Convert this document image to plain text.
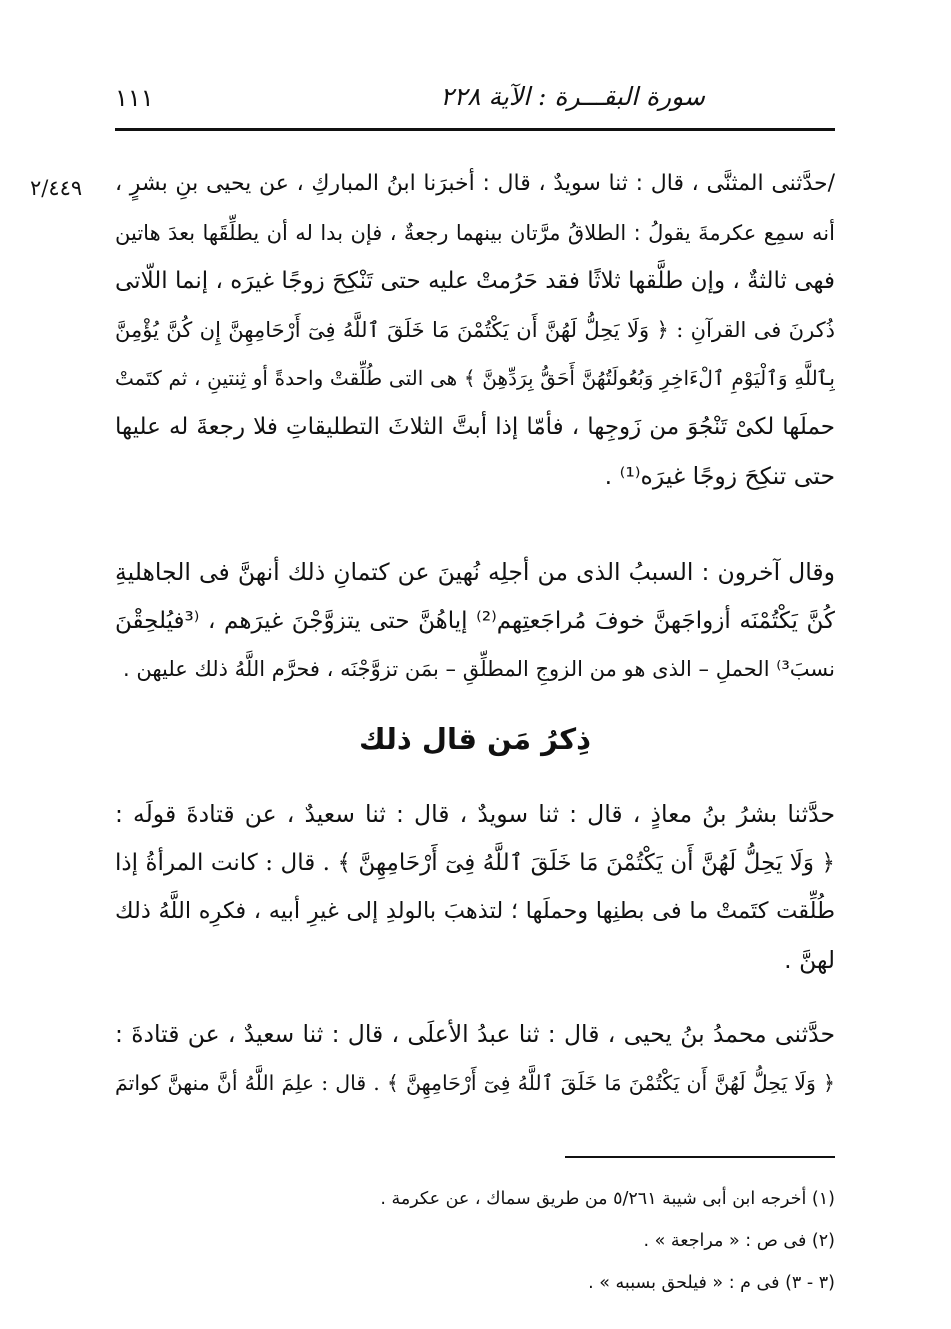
سورة البقـــرة : الآية ٢٢٨
١١١
٢/٤٤٩ /حدَّثنى المثنَّى ، قال : ثنا سويدٌ ، قال : أخبرَنا ابنُ المباركِ ، عن يحيى بنِ بشرٍ ،
أنه سمِع عكرمةَ يقولُ : الطلاقُ مرَّتان بينهما رجعةٌ ، فإن بدا له أن يطلِّقَها بعدَ هاتين
فهى ثالثةٌ ، وإن طلَّقها ثلاثًا فقد حَرُمتْ عليه حتى تَنْكِحَ زوجًا غيرَه ، إنما اللّاتى
ذُكرنَ فى القرآنِ : ﴿ وَلَا يَحِلُّ لَهُنَّ أَن يَكْتُمْنَ مَا خَلَقَ ٱللَّهُ فِىٓ أَرْحَامِهِنَّ إِن كُنَّ يُؤْمِنَّ
بِٱللَّهِ وَٱلْيَوْمِ ٱلْءَاخِرِ وَبُعُولَتُهُنَّ أَحَقُّ بِرَدِّهِنَّ ﴾ هى التى طُلِّقتْ واحدةً أو ثِنتينِ ، ثم كتَمتْ
حملَها لكىْ تَنْجُوَ من زَوجِها ، فأمّا إذا أبتَّ الثلاثَ التطليقاتِ فلا رجعةَ له عليها
حتى تنكِحَ زوجًا غيرَه⁽¹⁾ .
وقال آخرون : السببُ الذى من أجلِه نُهينَ عن كتمانِ ذلك أنهنَّ فى الجاهليةِ
كُنَّ يَكْتُمْنَه أزواجَهنَّ خوفَ مُراجَعتِهم⁽²⁾ إياهُنَّ حتى يتزوَّجْنَ غيرَهم ، ⁽³فيُلحِقْنَ
نسبَ³⁾ الحملِ – الذى هو من الزوجِ المطلِّقِ – بمَن تزوَّجْنَه ، فحرَّم اللَّهُ ذلك عليهن .
ذِكرُ مَن قال ذلك
حدَّثنا بشرُ بنُ معاذٍ ، قال : ثنا سويدٌ ، قال : ثنا سعيدٌ ، عن قتادةَ قولَه :
﴿ وَلَا يَحِلُّ لَهُنَّ أَن يَكْتُمْنَ مَا خَلَقَ ٱللَّهُ فِىٓ أَرْحَامِهِنَّ ﴾ . قال : كانت المرأةُ إذا
طُلِّقت كتَمتْ ما فى بطنِها وحملَها ؛ لتذهبَ بالولدِ إلى غيرِ أبيه ، فكرِه اللَّهُ ذلك
لهنَّ .
حدَّثنى محمدُ بنُ يحيى ، قال : ثنا عبدُ الأعلَى ، قال : ثنا سعيدٌ ، عن قتادةَ :
﴿ وَلَا يَحِلُّ لَهُنَّ أَن يَكْتُمْنَ مَا خَلَقَ ٱللَّهُ فِىٓ أَرْحَامِهِنَّ ﴾ . قال : علِمَ اللَّهُ أنَّ منهنَّ كواتمَ
(١) أخرجه ابن أبى شيبة ٥/٢٦١ من طريق سماك ، عن عكرمة .
(٢) فى ص : « مراجعة » .
(٣ - ٣) فى م : « فيلحق بسببه » .
